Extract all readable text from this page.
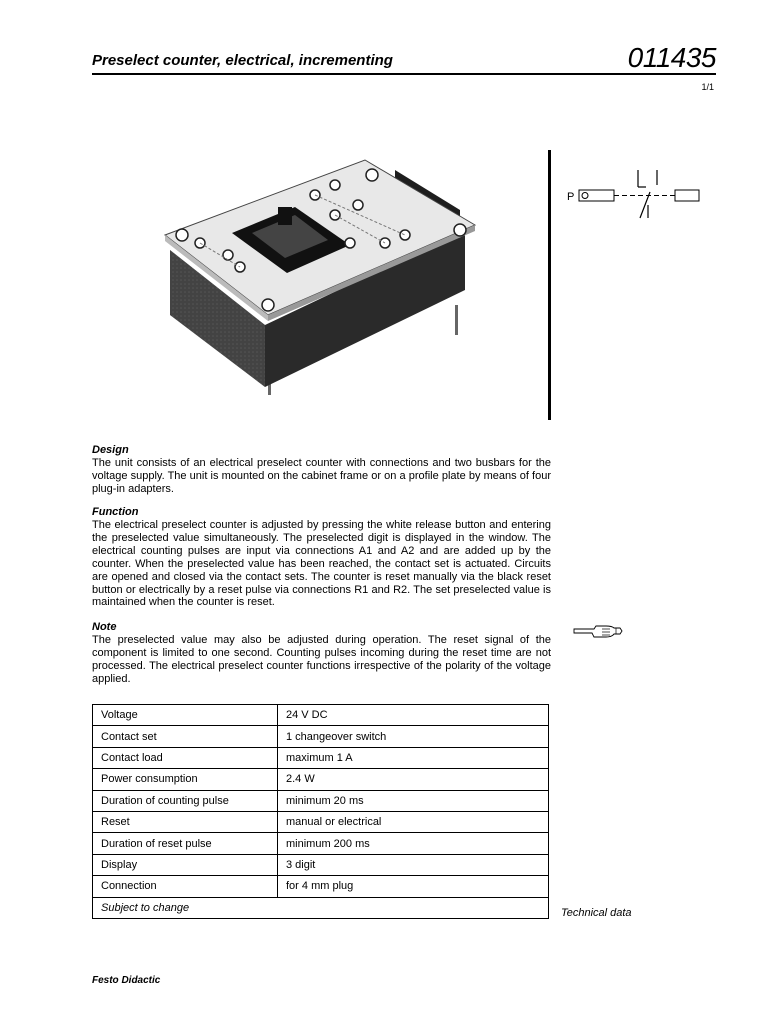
Preselect counter, electrical, incrementing	011435
1/1
P
Design

The unit consists of an electrical preselect counter with connections and two busbars for the voltage supply. The unit is mounted on the cabinet frame or on a profile plate by means of four plug-in adapters.

Function

The electrical preselect counter is adjusted by pressing the white release button and entering the preselected value simultaneously. The preselected digit is displayed in the window. The electrical counting pulses are input via connections A1 and A2 and are added up by the counter. When the preselected value has been reached, the contact set is actuated. Circuits are opened and closed via the contact sets. The counter is reset manually via the black reset button or electrically by a reset pulse via connections R1 and R2. The set preselected value is maintained when the counter is reset.

Note

The preselected value may also be adjusted during operation. The reset signal of the component is limited to one second. Counting pulses incoming during the reset time are not processed. The electrical preselect counter functions irrespective of the polarity of the voltage applied.

Voltage	24 V DC
Contact set	1 changeover switch
Contact load	maximum 1 A
Power consumption	2.4 W
Duration of counting pulse	minimum 20 ms
Reset	manual or electrical
Duration of reset pulse	minimum 200 ms
Display	3 digit
Connection	for 4 mm plug
Subject to change		Technical data
Festo Didactic
